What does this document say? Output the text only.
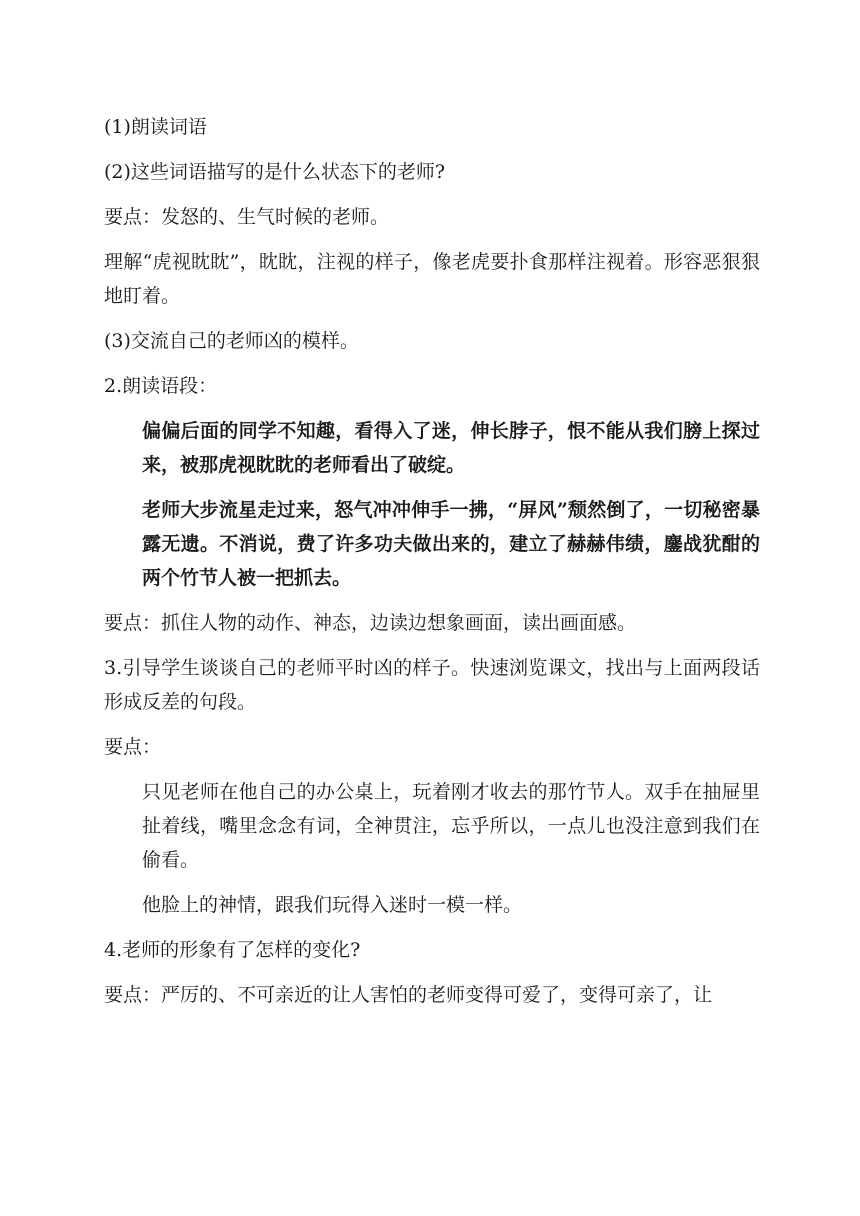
(1)朗读词语

(2)这些词语描写的是什么状态下的老师?

要点：发怒的、生气时候的老师。

理解“虎视眈眈”，眈眈，注视的样子，像老虎要扑食那样注视着。形容恶狠狠地盯着。

(3)交流自己的老师凶的模样。

2.朗读语段：

偏偏后面的同学不知趣，看得入了迷，伸长脖子，恨不能从我们膀上探过来，被那虎视眈眈的老师看出了破绽。

老师大步流星走过来，怒气冲冲伸手一拂，“屏风”颓然倒了，一切秘密暴露无遗。不消说，费了许多功夫做出来的，建立了赫赫伟绩，鏖战犹酣的两个竹节人被一把抓去。

要点：抓住人物的动作、神态，边读边想象画面，读出画面感。

3.引导学生谈谈自己的老师平时凶的样子。快速浏览课文，找出与上面两段话形成反差的句段。

要点：

只见老师在他自己的办公桌上，玩着刚才收去的那竹节人。双手在抽屉里扯着线，嘴里念念有词，全神贯注，忘乎所以，一点儿也没注意到我们在偷看。

他脸上的神情，跟我们玩得入迷时一模一样。

4.老师的形象有了怎样的变化?

要点：严厉的、不可亲近的让人害怕的老师变得可爱了，变得可亲了，让
